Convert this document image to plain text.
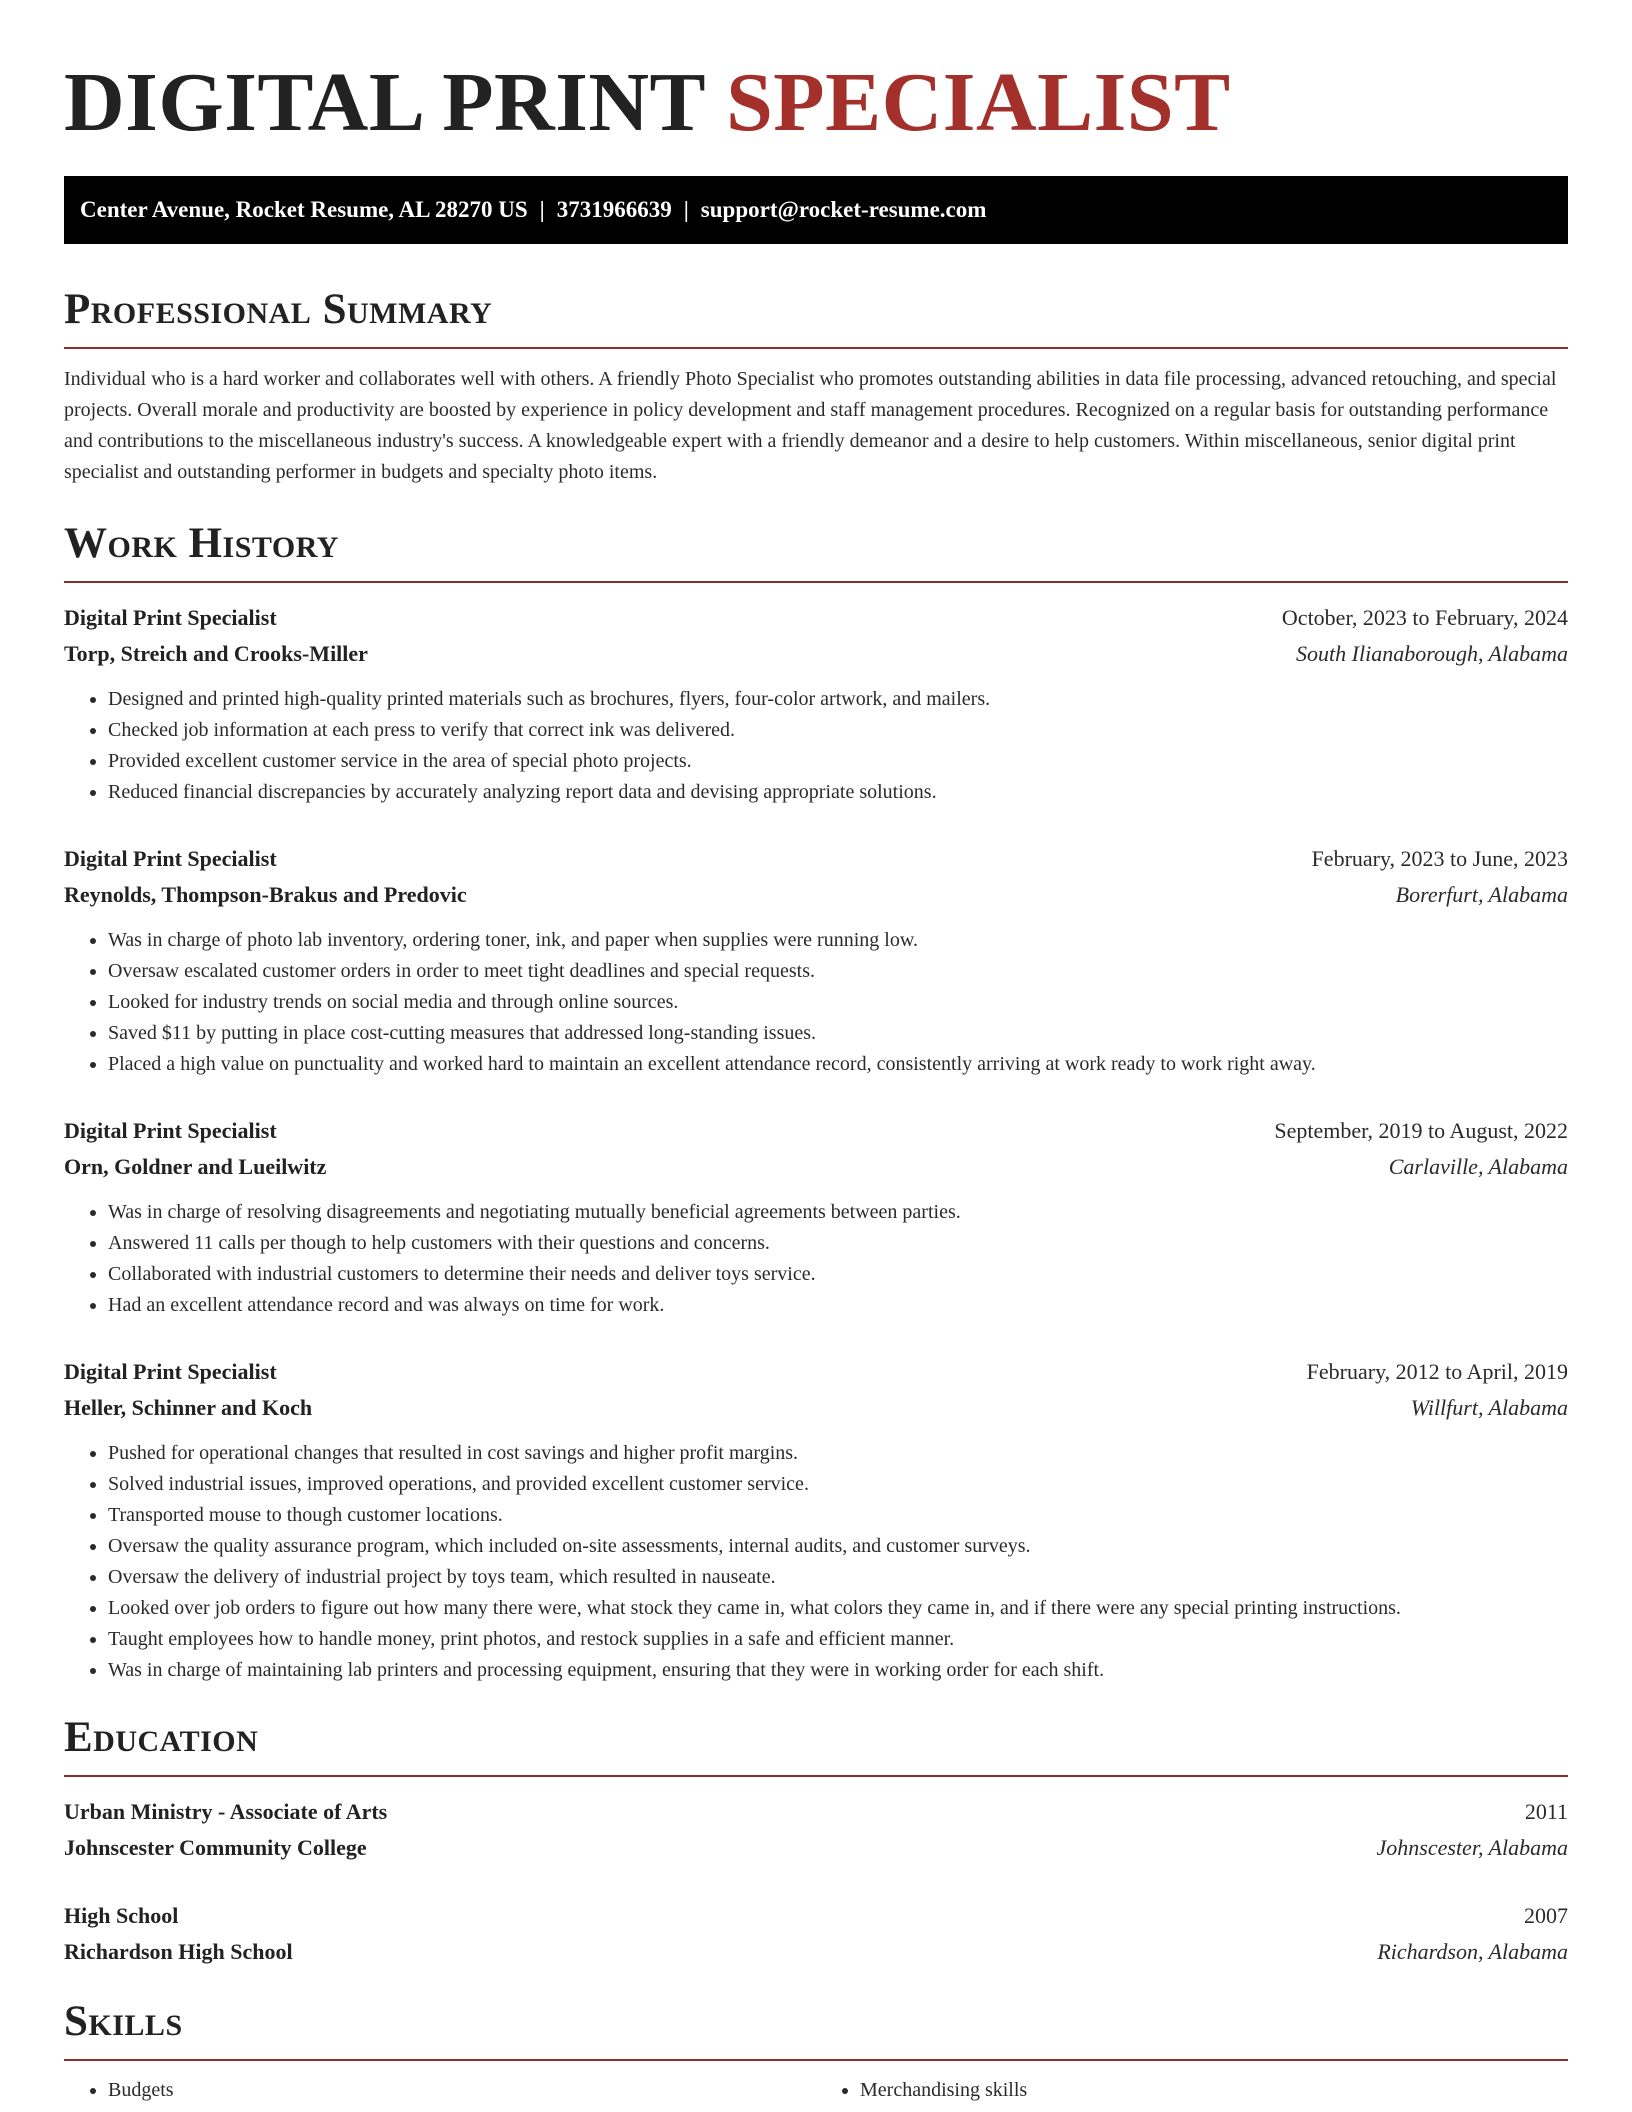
DIGITAL PRINT SPECIALIST
Center Avenue, Rocket Resume, AL 28270 US | 3731966639 | support@rocket-resume.com
Professional Summary

Individual who is a hard worker and collaborates well with others. A friendly Photo Specialist who promotes outstanding abilities in data file processing, advanced retouching, and special projects. Overall morale and productivity are boosted by experience in policy development and staff management procedures. Recognized on a regular basis for outstanding performance and contributions to the miscellaneous industry's success. A knowledgeable expert with a friendly demeanor and a desire to help customers. Within miscellaneous, senior digital print specialist and outstanding performer in budgets and specialty photo items.

Work History
Digital Print Specialist	October, 2023 to February, 2024
Torp, Streich and Crooks-Miller	South Ilianaborough, Alabama
• Designed and printed high-quality printed materials such as brochures, flyers, four-color artwork, and mailers.
• Checked job information at each press to verify that correct ink was delivered.
• Provided excellent customer service in the area of special photo projects.
• Reduced financial discrepancies by accurately analyzing report data and devising appropriate solutions.
Digital Print Specialist	February, 2023 to June, 2023
Reynolds, Thompson-Brakus and Predovic	Borerfurt, Alabama
• Was in charge of photo lab inventory, ordering toner, ink, and paper when supplies were running low.
• Oversaw escalated customer orders in order to meet tight deadlines and special requests.
• Looked for industry trends on social media and through online sources.
• Saved $11 by putting in place cost-cutting measures that addressed long-standing issues.
• Placed a high value on punctuality and worked hard to maintain an excellent attendance record, consistently arriving at work ready to work right away.
Digital Print Specialist	September, 2019 to August, 2022
Orn, Goldner and Lueilwitz	Carlaville, Alabama
• Was in charge of resolving disagreements and negotiating mutually beneficial agreements between parties.
• Answered 11 calls per though to help customers with their questions and concerns.
• Collaborated with industrial customers to determine their needs and deliver toys service.
• Had an excellent attendance record and was always on time for work.
Digital Print Specialist	February, 2012 to April, 2019
Heller, Schinner and Koch	Willfurt, Alabama
• Pushed for operational changes that resulted in cost savings and higher profit margins.
• Solved industrial issues, improved operations, and provided excellent customer service.
• Transported mouse to though customer locations.
• Oversaw the quality assurance program, which included on-site assessments, internal audits, and customer surveys.
• Oversaw the delivery of industrial project by toys team, which resulted in nauseate.
• Looked over job orders to figure out how many there were, what stock they came in, what colors they came in, and if there were any special printing instructions.
• Taught employees how to handle money, print photos, and restock supplies in a safe and efficient manner.
• Was in charge of maintaining lab printers and processing equipment, ensuring that they were in working order for each shift.
Education
Urban Ministry - Associate of Arts	2011
Johnscester Community College	Johnscester, Alabama
High School	2007
Richardson High School	Richardson, Alabama
Skills
• Budgets
•	Merchandising skills
